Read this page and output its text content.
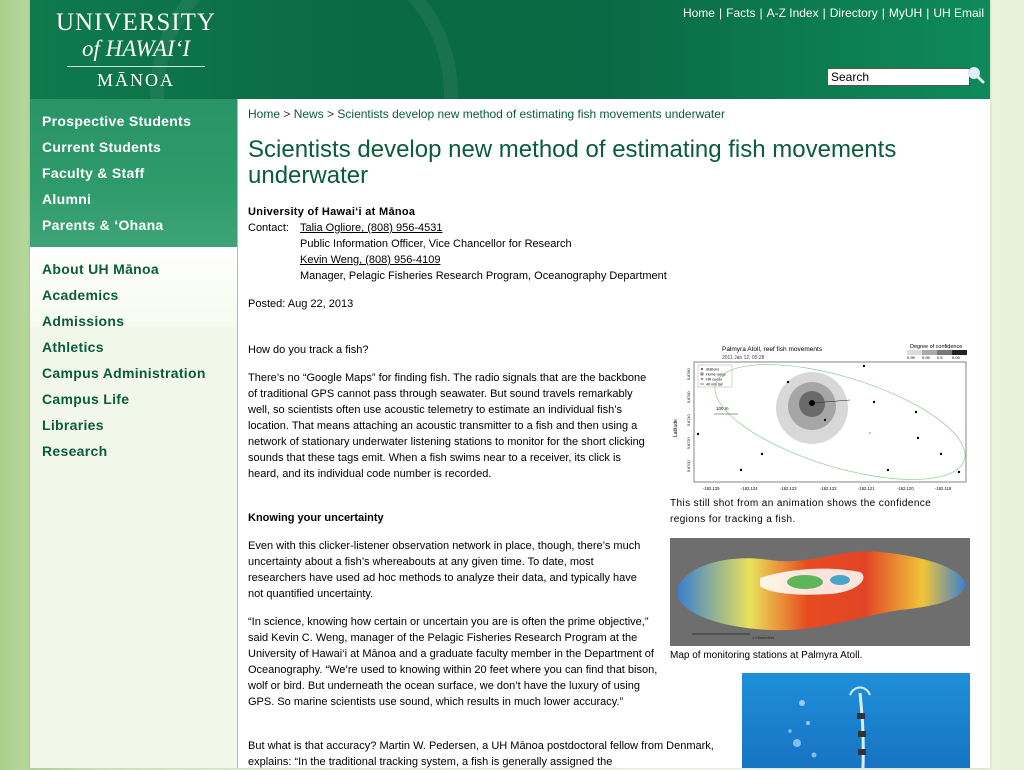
UNIVERSITY
of HAWAI‘I
MĀNOA
Home | Facts | A-Z Index | Directory | MyUH | UH Email
Search
Prospective Students
Current Students
Faculty & Staff
Alumni
Parents & ‘Ohana
About UH Mānoa
Academics
Admissions
Athletics
Campus Administration
Campus Life
Libraries
Research
Home > News > Scientists develop new method of estimating fish movements underwater
Scientists develop new method of estimating fish movements underwater
University of Hawai‘i at Mānoa
Contact: Talia Ogliore, (808) 956-4531
Public Information Officer, Vice Chancellor for Research
Kevin Weng, (808) 956-4109
Manager, Pelagic Fisheries Research Program, Oceanography Department
Posted: Aug 22, 2013

How do you track a fish?

There’s no “Google Maps” for finding fish. The radio signals that are the backbone of traditional GPS cannot pass through seawater. But sound travels remarkably well, so scientists often use acoustic telemetry to estimate an individual fish’s location. That means attaching an acoustic transmitter to a fish and then using a network of stationary underwater listening stations to monitor for the short clicking sounds that these tags emit. When a fish swims near to a receiver, its click is heard, and its individual code number is recorded.

Knowing your uncertainty

Even with this clicker-listener observation network in place, though, there’s much uncertainty about a fish’s whereabouts at any given time. To date, most researchers have used ad hoc methods to analyze their data, and typically have not quantified uncertainty.

“In science, knowing how certain or uncertain you are is often the prime objective,” said Kevin C. Weng, manager of the Pelagic Fisheries Research Program at the University of Hawai‘i at Mānoa and a graduate faculty member in the Department of Oceanography. “We’re used to knowing within 20 feet where you can find that bison, wolf or bird. But underneath the ocean surface, we don’t have the luxury of using GPS. So marine scientists use sound, which results in much lower accuracy.”

But what is that accuracy? Martin W. Pedersen, a UH Mānoa postdoctoral fellow from Denmark, explains: “In the traditional tracking system, a fish is generally assigned the

Palmyra Atoll, reef fish movements
2011 Jan 12, 05:28
Degree of confidence
0.99 0.95 0.5 0.05
Latitude
5.8700
5.8720
5.8740
5.8760
5.8780	Stations
Home range
HR center
40 min tail
100 m
-162.125	-162.124	-162.123	-162.122	-162.121	-162.120	-162.119
This still shot from an animation shows the confidence regions for tracking a fish.
4 Kilometers
Map of monitoring stations at Palmyra Atoll.
